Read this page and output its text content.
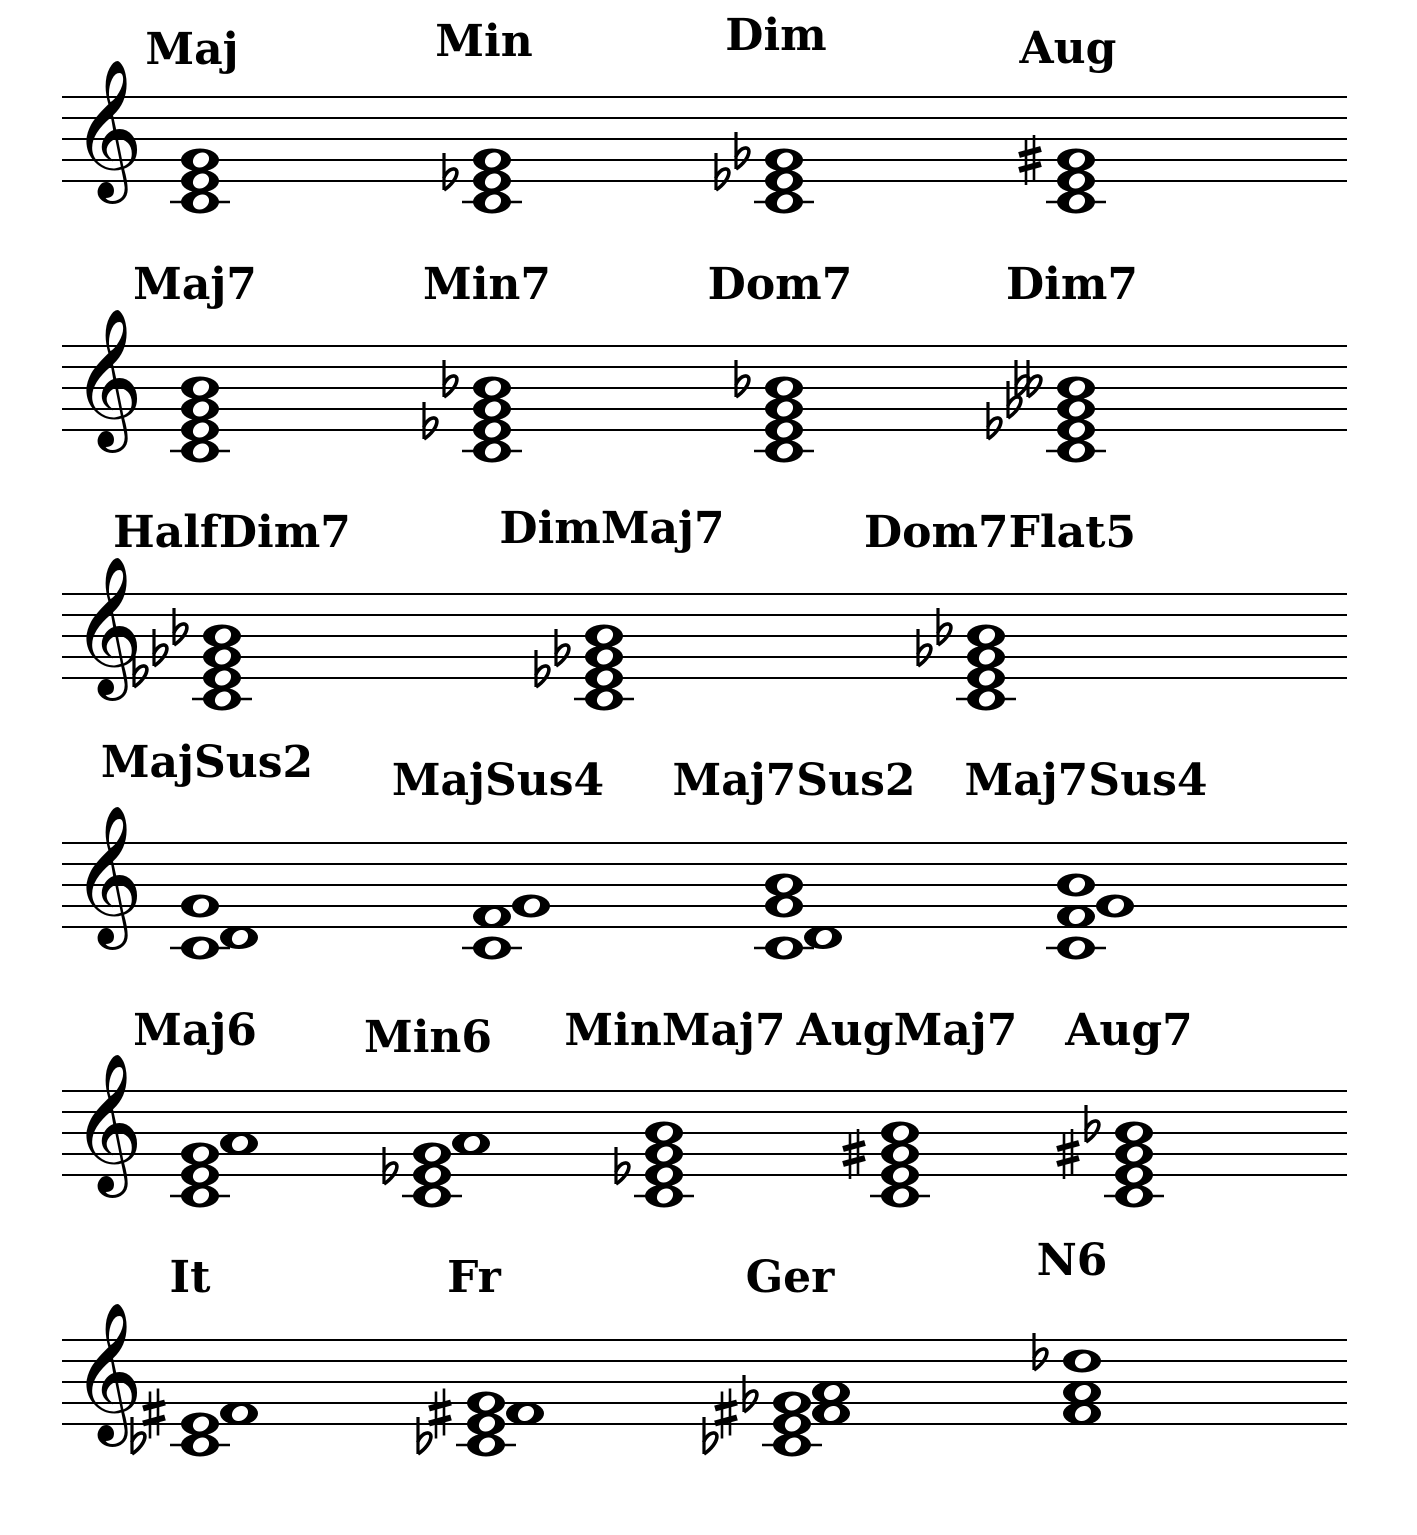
𝄞
Maj	Min	Dim	Aug
𝄞
Maj7	Min7	Dom7	Dim7
𝄞
HalfDim7	DimMaj7	Dom7Flat5
𝄞
MajSus2 MajSus4 Maj7Sus2 Maj7Sus4
𝄞
Maj6 Min6 MinMaj7 AugMaj7 Aug7
𝄞
It	Fr	Ger	N6
